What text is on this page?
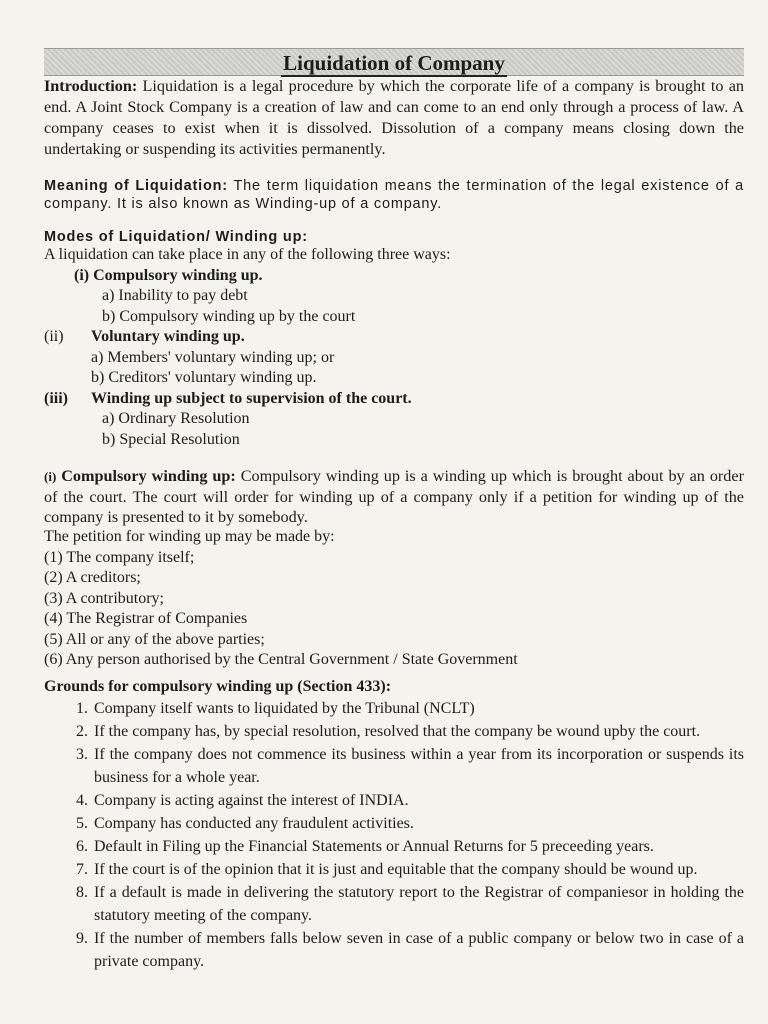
Liquidation of Company

Introduction: Liquidation is a legal procedure by which the corporate life of a company is brought to an end. A Joint Stock Company is a creation of law and can come to an end only through a process of law. A company ceases to exist when it is dissolved. Dissolution of a company means closing down the undertaking or suspending its activities permanently.

Meaning of Liquidation: The term liquidation means the termination of the legal existence of a company. It is also known as Winding-up of a company.

Modes of Liquidation/ Winding up:
A liquidation can take place in any of the following three ways:
(i) Compulsory winding up.
a) Inability to pay debt
b) Compulsory winding up by the court
(ii)	Voluntary winding up.
a) Members' voluntary winding up; or
b) Creditors' voluntary winding up.
(iii)	Winding up subject to supervision of the court.
a) Ordinary Resolution
b) Special Resolution

(i) Compulsory winding up: Compulsory winding up is a winding up which is brought about by an order of the court. The court will order for winding up of a company only if a petition for winding up of the company is presented to it by somebody.

The petition for winding up may be made by:
(1) The company itself;
(2) A creditors;
(3) A contributory;
(4) The Registrar of Companies
(5) All or any of the above parties;
(6) Any person authorised by the Central Government / State Government
Grounds for compulsory winding up (Section 433):
1. Company itself wants to liquidated by the Tribunal (NCLT)
2. If the company has, by special resolution, resolved that the company be wound upby the court.
3. If the company does not commence its business within a year from its incorporation or suspends its business for a whole year.
4. Company is acting against the interest of INDIA.
5. Company has conducted any fraudulent activities.
6. Default in Filing up the Financial Statements or Annual Returns for 5 preceeding years.
7. If the court is of the opinion that it is just and equitable that the company should be wound up.
8. If a default is made in delivering the statutory report to the Registrar of companiesor in holding the statutory meeting of the company.
9. If the number of members falls below seven in case of a public company or below two in case of a private company.
